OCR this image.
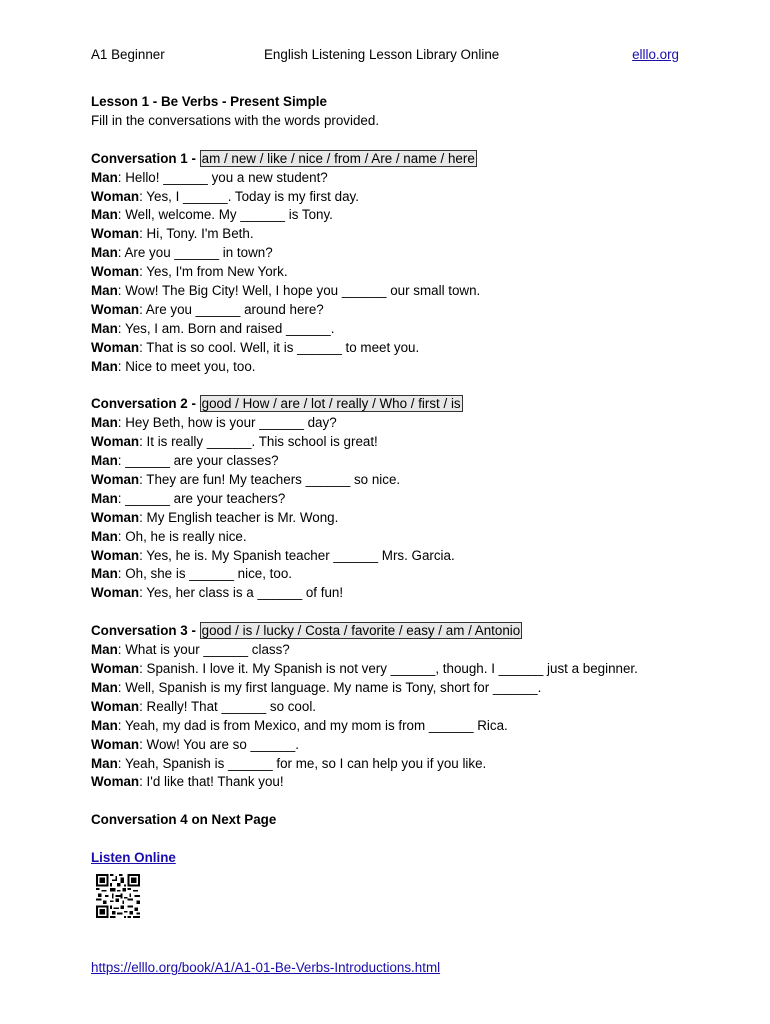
A1 Beginner	English Listening Lesson Library Online	elllo.org
Lesson 1 - Be Verbs - Present Simple
Fill in the conversations with the words provided.
Conversation 1 - am / new / like / nice / from / Are / name / here
Man: Hello! ______ you a new student?
Woman: Yes, I ______. Today is my first day.
Man: Well, welcome. My ______ is Tony.
Woman: Hi, Tony. I'm Beth.
Man: Are you ______ in town?
Woman: Yes, I'm from New York.
Man: Wow! The Big City! Well, I hope you ______ our small town.
Woman: Are you ______ around here?
Man: Yes, I am. Born and raised ______.
Woman: That is so cool. Well, it is ______ to meet you.
Man: Nice to meet you, too.
Conversation 2 - good / How / are / lot / really / Who / first / is
Man: Hey Beth, how is your ______ day?
Woman: It is really ______. This school is great!
Man: ______ are your classes?
Woman: They are fun! My teachers ______ so nice.
Man: ______ are your teachers?
Woman: My English teacher is Mr. Wong.
Man: Oh, he is really nice.
Woman: Yes, he is. My Spanish teacher ______ Mrs. Garcia.
Man: Oh, she is ______ nice, too.
Woman: Yes, her class is a ______ of fun!
Conversation 3 - good / is / lucky / Costa / favorite / easy / am / Antonio
Man: What is your ______ class?
Woman: Spanish. I love it. My Spanish is not very ______, though. I ______ just a beginner.
Man: Well, Spanish is my first language. My name is Tony, short for ______.
Woman: Really! That ______ so cool.
Man: Yeah, my dad is from Mexico, and my mom is from ______ Rica.
Woman: Wow! You are so ______.
Man: Yeah, Spanish is ______ for me, so I can help you if you like.
Woman: I'd like that! Thank you!
Conversation 4 on Next Page
Listen Online
https://elllo.org/book/A1/A1-01-Be-Verbs-Introductions.html
